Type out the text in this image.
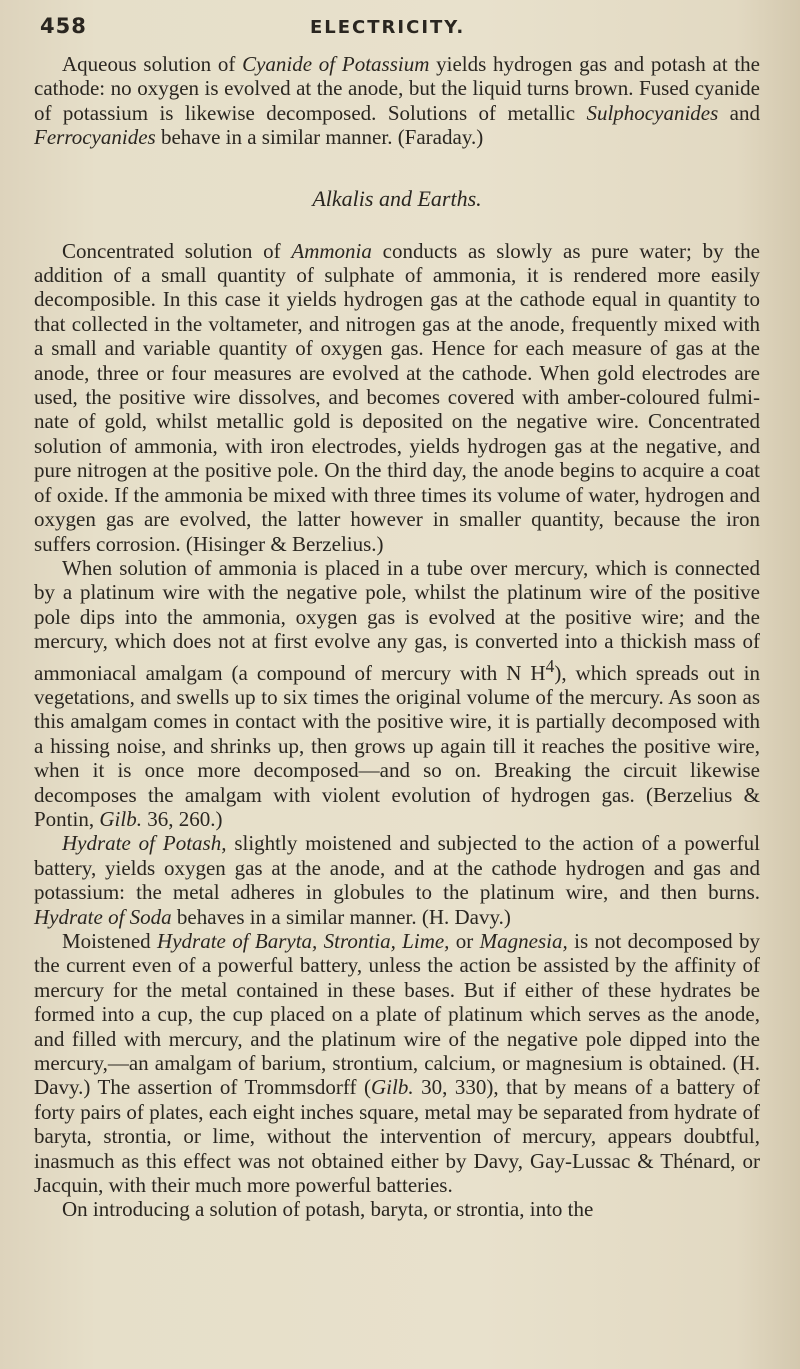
458	ELECTRICITY.

Aqueous solution of Cyanide of Potassium yields hydrogen gas and potash at the cathode: no oxygen is evolved at the anode, but the liquid turns brown. Fused cyanide of potassium is likewise decomposed. Solutions of metallic Sulphocyanides and Ferrocyanides behave in a similar manner. (Faraday.)

Alkalis and Earths.

Concentrated solution of Ammonia conducts as slowly as pure water; by the addition of a small quantity of sulphate of ammonia, it is rendered more easily decomposible. In this case it yields hydrogen gas at the cathode equal in quantity to that collected in the voltameter, and nitrogen gas at the anode, frequently mixed with a small and variable quantity of oxygen gas. Hence for each measure of gas at the anode, three or four measures are evolved at the cathode. When gold electrodes are used, the positive wire dissolves, and becomes covered with amber-coloured fulminate of gold, whilst metallic gold is deposited on the negative wire. Concentrated solution of ammonia, with iron electrodes, yields hydrogen gas at the negative, and pure nitrogen at the positive pole. On the third day, the anode begins to acquire a coat of oxide. If the ammonia be mixed with three times its volume of water, hydrogen and oxygen gas are evolved, the latter however in smaller quantity, because the iron suffers corrosion. (Hisinger & Berzelius.)

When solution of ammonia is placed in a tube over mercury, which is connected by a platinum wire with the negative pole, whilst the platinum wire of the positive pole dips into the ammonia, oxygen gas is evolved at the positive wire; and the mercury, which does not at first evolve any gas, is converted into a thickish mass of ammoniacal amalgam (a compound of mercury with N $H^4$), which spreads out in vegetations, and swells up to six times the original volume of the mercury. As soon as this amalgam comes in contact with the positive wire, it is partially decomposed with a hissing noise, and shrinks up, then grows up again till it reaches the positive wire, when it is once more decomposed—and so on. Breaking the circuit likewise decomposes the amalgam with violent evolution of hydrogen gas. (Berzelius & Pontin, Gilb. 36, 260.)

Hydrate of Potash, slightly moistened and subjected to the action of a powerful battery, yields oxygen gas at the anode, and at the cathode hydrogen and gas and potassium: the metal adheres in globules to the platinum wire, and then burns. Hydrate of Soda behaves in a similar manner. (H. Davy.)

Moistened Hydrate of Baryta, Strontia, Lime, or Magnesia, is not decomposed by the current even of a powerful battery, unless the action be assisted by the affinity of mercury for the metal contained in these bases. But if either of these hydrates be formed into a cup, the cup placed on a plate of platinum which serves as the anode, and filled with mercury, and the platinum wire of the negative pole dipped into the mercury,—an amalgam of barium, strontium, calcium, or magnesium is obtained. (H. Davy.) The assertion of Trommsdorff (Gilb. 30, 330), that by means of a battery of forty pairs of plates, each eight inches square, metal may be separated from hydrate of baryta, strontia, or lime, without the intervention of mercury, appears doubtful, inasmuch as this effect was not obtained either by Davy, Gay-Lussac & Thénard, or Jacquin, with their much more powerful batteries.

On introducing a solution of potash, baryta, or strontia, into the
